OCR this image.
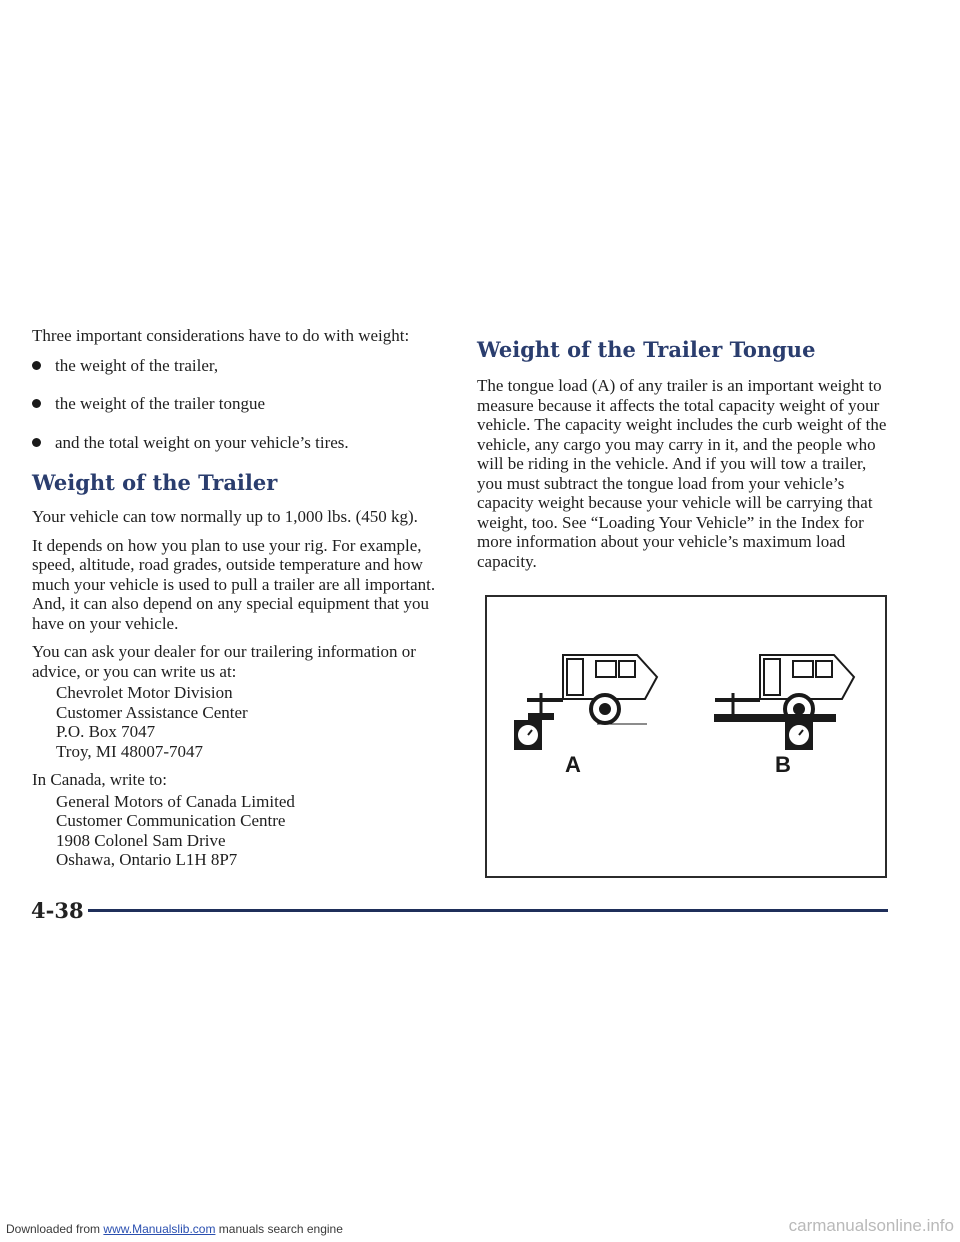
Three important considerations have to do with weight:

the weight of the trailer,
the weight of the trailer tongue
and the total weight on your vehicle’s tires.
Weight of the Trailer

Your vehicle can tow normally up to 1,000 lbs. (450 kg).

It depends on how you plan to use your rig. For example, speed, altitude, road grades, outside temperature and how much your vehicle is used to pull a trailer are all important. And, it can also depend on any special equipment that you have on your vehicle.

You can ask your dealer for our trailering information or advice, or you can write us at:

Chevrolet Motor Division
Customer Assistance Center
P.O. Box 7047
Troy, MI 48007-7047

In Canada, write to:

General Motors of Canada Limited
Customer Communication Centre
1908 Colonel Sam Drive
Oshawa, Ontario L1H 8P7
Weight of the Trailer Tongue

The tongue load (A) of any trailer is an important weight to measure because it affects the total capacity weight of your vehicle. The capacity weight includes the curb weight of the vehicle, any cargo you may carry in it, and the people who will be riding in the vehicle. And if you will tow a trailer, you must subtract the tongue load from your vehicle’s capacity weight because your vehicle will be carrying that weight, too. See “Loading Your Vehicle” in the Index for more information about your vehicle’s maximum load capacity.

A	B
4-38
Downloaded from www.Manualslib.com manuals search engine	carmanualsonline.info
